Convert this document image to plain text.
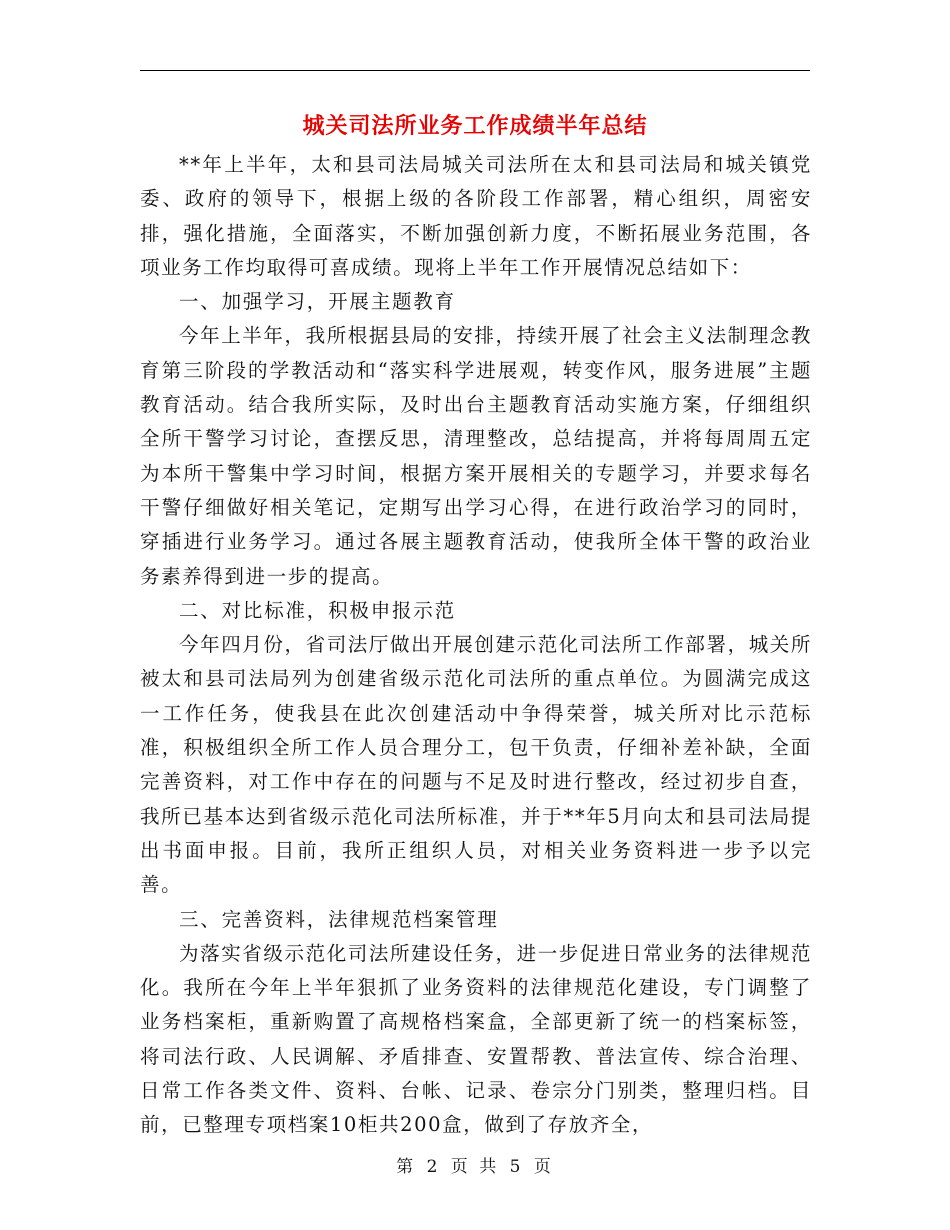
城关司法所业务工作成绩半年总结

**年上半年，太和县司法局城关司法所在太和县司法局和城关镇党委、政府的领导下，根据上级的各阶段工作部署，精心组织，周密安排，强化措施，全面落实，不断加强创新力度，不断拓展业务范围，各项业务工作均取得可喜成绩。现将上半年工作开展情况总结如下：

一、加强学习，开展主题教育

今年上半年，我所根据县局的安排，持续开展了社会主义法制理念教育第三阶段的学教活动和“落实科学进展观，转变作风，服务进展”主题教育活动。结合我所实际，及时出台主题教育活动实施方案，仔细组织全所干警学习讨论，查摆反思，清理整改，总结提高，并将每周周五定为本所干警集中学习时间，根据方案开展相关的专题学习，并要求每名干警仔细做好相关笔记，定期写出学习心得，在进行政治学习的同时，穿插进行业务学习。通过各展主题教育活动，使我所全体干警的政治业务素养得到进一步的提高。

二、对比标准，积极申报示范

今年四月份，省司法厅做出开展创建示范化司法所工作部署，城关所被太和县司法局列为创建省级示范化司法所的重点单位。为圆满完成这一工作任务，使我县在此次创建活动中争得荣誉，城关所对比示范标准，积极组织全所工作人员合理分工，包干负责，仔细补差补缺，全面完善资料，对工作中存在的问题与不足及时进行整改，经过初步自查，我所已基本达到省级示范化司法所标准，并于**年5月向太和县司法局提出书面申报。目前，我所正组织人员，对相关业务资料进一步予以完善。

三、完善资料，法律规范档案管理

为落实省级示范化司法所建设任务，进一步促进日常业务的法律规范化。我所在今年上半年狠抓了业务资料的法律规范化建设，专门调整了业务档案柜，重新购置了高规格档案盒，全部更新了统一的档案标签，将司法行政、人民调解、矛盾排查、安置帮教、普法宣传、综合治理、日常工作各类文件、资料、台帐、记录、卷宗分门别类，整理归档。目前，已整理专项档案10柜共200盒，做到了存放齐全，

第 2 页 共 5 页
